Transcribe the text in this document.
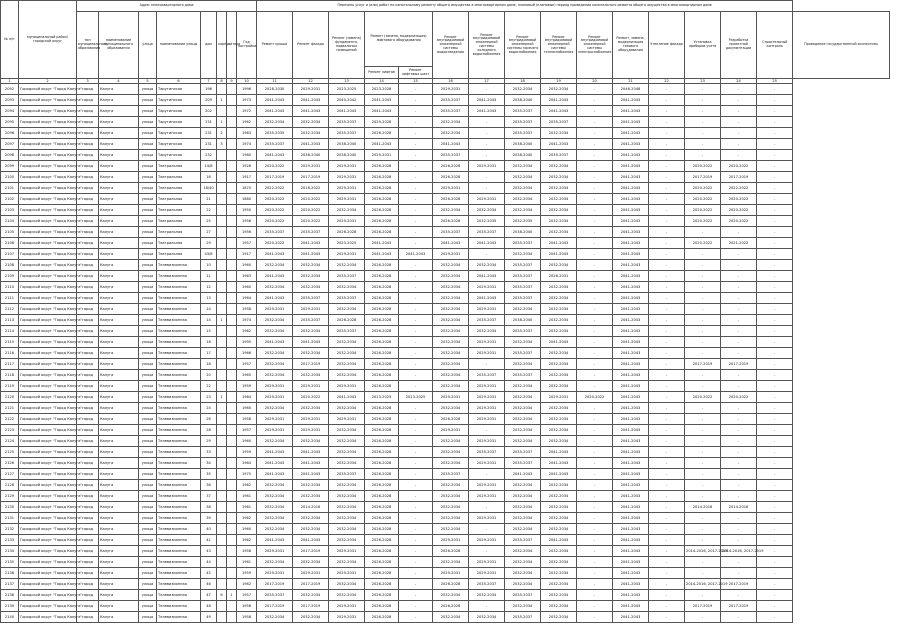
№ п/п	муниципальный район/городской округ	Адрес многоквартирного дома								Перечень услуг и (или) работ по капитальному ремонту общего имущества в многоквартирном доме, плановый (плановые) период проведения капитального ремонта общего имущества в многоквартирном доме															
		тип муниципального образования	наименование муниципального образования	улица	наименование улицы	дом	корпус	литера	Год постройки	Ремонт крыши	Ремонт фасада	Ремонт (замена) фундамента, подвальных помещений	Ремонт (замена, модернизация) лифтового оборудования		Ремонт внутридомовой инженерной системы водоотведения	Ремонт внутридомовой инженерной системы холодного водоснабжения	Ремонт внутридомовой инженерной системы горячего водоснабжения	Ремонт внутридомовой инженерной системы теплоснабжения	Ремонт внутридомовой инженерной системы электроснабжения	Ремонт, замена, модернизация газового оборудования	Утепление фасада	Установка приборов учета	Разработка проектной документации	Строительный контроль	Проведение государственной экспертизы
													Ремонт лифтов	Ремонт лифтовых шахт											
1	2	3	4	5	6	7	8	9	10	11	12	13	14	15	16	17	18	19	20	21	22	23	24	25	
2092	Городской округ "Город Калуга"	город	Калуга	улица	Тарутинская	196			1996	2028-2030	2029-2031	2023-2025	2023-2028	-	2029-2031	-	2032-2034	2032-2034	-	2046-2048	-	-	-	-	
2093	Городской округ "Город Калуга"	город	Калуга	улица	Тарутинская	209	1		1973	2041-2043	2041-2043	2040-2042	2041-2043	-	2035-2037	2041-2043	2038-2040	2041-2043	-	2041-2043	-	-	-	-	
2094	Городской округ "Город Калуга"	город	Калуга	улица	Тарутинская	202			1972	2041-2043	2041-2043	2041-2043	2041-2043	-	2035-2037	2041-2043	2035-2037	2041-2043	-	2041-2043	-	-	-	-	
2095	Городской округ "Город Калуга"	город	Калуга	улица	Тарутинская	231	1		1962	2032-2034	2032-2034	2035-2037	2029-2028	-	2032-2034	-	2035-2037	2035-2037	-	2041-2043	-	-	-	-	
2096	Городской округ "Город Калуга"	город	Калуга	улица	Тарутинская	231	2		1963	2035-2035	2032-2034	2035-2037	2026-2028	-	2032-2034	-	2035-2037	2032-2034	-	2041-2043	-	-	-	-	
2097	Городской округ "Город Калуга"	город	Калуга	улица	Тарутинская	231	3		1974	2035-2037	2041-2043	2038-2040	2041-2043	-	2041-2043	-	2038-2040	2041-2043	-	2041-2043	-	-	-	-	
2098	Городской округ "Город Калуга"	город	Калуга	улица	Тарутинская	232			1980	2041-2043	2038-2040	2038-2040	2029-2031	-	2035-2037	-	2038-2040	2035-2037	-	2041-2043	-	-	-	-	
2099	Городской округ "Город Калуга"	город	Калуга	улица	Театральная	14/8			1926	2020-2022	2029-2031	2029-2031	2026-2028	-	2026-2028	2029-2031	2032-2034	2032-2034	-	2041-2043	-	2020-2022	2020-2022	-	
2100	Городской округ "Город Калуга"	город	Калуга	улица	Театральная	16			1917	2017-2019	2017-2019	2029-2031	2026-2028	-	2026-2028	-	2032-2034	2032-2034	-	2041-2043	-	2017-2019	2017-2019	-	
2101	Городской округ "Город Калуга"	город	Калуга	улица	Театральная	18/40			1870	2022-2022	2018-2022	2029-2031	2026-2028	-	2029-2031	-	2032-2034	2032-2034	-	2041-2043	-	2020-2022	2022-2022	-	
2102	Городской округ "Город Калуга"	город	Калуга	улица	Театральная	21			1880	2020-2022	2020-2022	2029-2031	2026-2028	-	2026-2028	2029-2031	2032-2034	2032-2034	-	2041-2043	-	2020-2022	2020-2022	-	
2103	Городской округ "Город Калуга"	город	Калуга	улица	Театральная	22			1950	2020-2022	2020-2022	2032-2034	2026-2028	-	2032-2034	2032-2034	2032-2034	2032-2034	-	2041-2043	-	2020-2022	2020-2022	-	
2104	Городской округ "Город Калуга"	город	Калуга	улица	Театральная	25			1956	2020-2022	2020-2022	2029-2031	2026-2028	-	2026-2028	2032-2035	2032-2035	2032-2034	-	2041-2043	-	2020-2022	2020-2022	-	
2105	Городской округ "Город Калуга"	город	Калуга	улица	Театральная	27			1956	2035-2037	2035-2037	2026-2028	2026-2028	-	2035-2037	2035-2037	2038-2040	2032-2034	-	2041-2043	-	-	-	-	
2106	Городской округ "Город Калуга"	город	Калуга	улица	Театральная	29			1957	2020-2022	2041-2043	2023-2025	2041-2043	-	2041-2043	2041-2043	2035-2037	2041-2043	-	2041-2043	-	2020-2022	2021-2022	-	
2107	Городской округ "Город Калуга"	город	Калуга	улица	Театральная	43/8			1917	2041-2043	2041-2043	2029-2031	2041-2043	2041-2043	2029-2031	-	2032-2034	2041-2043	-	2041-2043	-	-	-	-	
2108	Городской округ "Город Калуга"	город	Калуга	улица	Телевизионная	10			1960	2032-2034	2032-2034	2032-2034	2026-2028	-	2032-2034	2032-2034	2035-2037	2032-2034	-	2041-2043	-	-	-	-	
2109	Городской округ "Город Калуга"	город	Калуга	улица	Телевизионная	11			1963	2041-2043	2032-2034	2035-2037	2026-2028	-	2032-2034	2041-2043	2035-2037	2026-2031	-	2041-2043	-	-	-	-	
2110	Городской округ "Город Калуга"	город	Калуга	улица	Телевизионная	12			1960	2032-2034	2032-2034	2032-2034	2026-2028	-	2032-2034	2029-2031	2035-2037	2032-2034	-	2041-2043	-	-	-	-	
2111	Городской округ "Город Калуга"	город	Калуга	улица	Телевизионная	13			1964	2041-2043	2035-2037	2035-2037	2026-2028	-	2032-2034	2041-2043	2035-2037	2032-2034	-	2041-2043	-	-	-	-	
2112	Городской округ "Город Калуга"	город	Калуга	улица	Телевизионная	14			1958	2029-2031	2029-2031	2032-2034	2026-2028	-	2032-2034	2029-2031	2032-2034	2032-2034	-	2041-2043	-	-	-	-	
2113	Городской округ "Город Калуга"	город	Калуга	улица	Телевизионная	14	1		1974	2032-2034	2035-2037	2026-2028	2026-2028	-	2032-2034	2035-2037	2038-2040	2032-2034	-	2041-2043	-	-	-	-	
2114	Городской округ "Город Калуга"	город	Калуга	улица	Телевизионная	15			1962	2032-2034	2032-2034	2035-2037	2026-2028	-	2032-2034	2032-2034	2035-2037	2032-2034	-	2041-2043	-	-	-	-	
2115	Городской округ "Город Калуга"	город	Калуга	улица	Телевизионная	16			1995	2041-2043	2041-2043	2032-2034	2026-2028	-	2032-2034	2029-2031	2032-2034	2041-2043	-	2041-2043	-	-	-	-	
2116	Городской округ "Город Калуга"	город	Калуга	улица	Телевизионная	17			1966	2032-2034	2032-2034	2032-2034	2026-2028	-	2032-2034	2029-2031	2035-2037	2032-2034	-	2041-2043	-	-	-	-	
2117	Городской округ "Город Калуга"	город	Калуга	улица	Телевизионная	18			1957	2032-2034	2017-2019	2032-2034	2026-2028	-	2032-2034	-	2032-2034	2032-2034	-	2041-2043	-	2017-2019	2017-2019	-	
2118	Городской округ "Город Калуга"	город	Калуга	улица	Телевизионная	20			1965	2032-2034	2032-2034	2032-2034	2026-2028	-	2032-2034	2035-2037	2035-2037	2032-2034	-	2041-2043	-	-	-	-	
2119	Городской округ "Город Калуга"	город	Калуга	улица	Телевизионная	22			1959	2029-2031	2029-2031	2029-2031	2026-2028	-	2032-2034	2029-2031	2032-2034	2032-2034	-	2041-2043	-	-	-	-	
2120	Городской округ "Город Калуга"	город	Калуга	улица	Телевизионная	23	1		1964	2029-2031	2020-2022	2041-2043	2023-2025	2023-2025	2029-2031	2029-2031	2032-2034	2029-2031	2020-2022	2041-2043	-	2020-2022	2020-2022	-	
2121	Городской округ "Город Калуга"	город	Калуга	улица	Телевизионная	24			1960	2032-2034	2032-2034	2032-2034	2026-2028	-	2032-2034	2029-2031	2032-2034	2032-2034	-	2041-2043	-	-	-	-	
2122	Городской округ "Город Калуга"	город	Калуга	улица	Телевизионная	26			1958	2029-2031	2029-2031	2029-2031	2026-2028	-	2026-2028	2029-2031	2032-2034	2032-2034	-	2041-2043	-	-	-	-	
2123	Городской округ "Город Калуга"	город	Калуга	улица	Телевизионная	28			1957	2029-2031	2029-2031	2032-2034	2026-2028	-	2029-2031	-	2032-2034	2032-2034	-	2041-2043	-	-	-	-	
2124	Городской округ "Город Калуга"	город	Калуга	улица	Телевизионная	29			1960	2032-2034	2032-2034	2032-2034	2026-2028	-	2032-2034	2029-2031	2032-2034	2032-2034	-	2041-2043	-	-	-	-	
2125	Городской округ "Город Калуга"	город	Калуга	улица	Телевизионная	33			1959	2041-2043	2041-2043	2032-2034	2026-2028	-	2032-2034	2035-2037	2035-2037	2041-2043	-	2041-2043	-	-	-	-	
2126	Городской округ "Город Калуга"	город	Калуга	улица	Телевизионная	34			1964	2041-2043	2041-2043	2032-2034	2026-2028	-	2032-2034	2029-2031	2035-2037	2041-2043	-	2041-2043	-	-	-	-	
2127	Городской округ "Город Калуга"	город	Калуга	улица	Телевизионная	35			1975	2041-2043	2041-2043	2035-2037	2026-2028	-	2035-2037	-	2041-2043	2041-2043	-	2041-2043	-	-	-	-	
2128	Городской округ "Город Калуга"	город	Калуга	улица	Телевизионная	36			1962	2032-2034	2032-2034	2032-2034	2026-2028	-	2032-2034	2029-2031	2032-2034	2032-2034	-	2041-2043	-	-	-	-	
2129	Городской округ "Город Калуга"	город	Калуга	улица	Телевизионная	37			1961	2032-2034	2032-2034	2032-2034	2026-2028	-	2032-2034	2029-2031	2032-2034	2032-2034	-	2041-2043	-	-	-	-	
2130	Городской округ "Город Калуга"	город	Калуга	улица	Телевизионная	38			1961	2032-2034	2014-2016	2032-2034	2026-2028	-	2032-2034	-	2032-2034	2032-2034	-	2041-2043	-	2014-2016	2014-2016	-	
2131	Городской округ "Город Калуга"	город	Калуга	улица	Телевизионная	39			1962	2032-2034	2032-2034	2032-2034	2026-2028	-	2032-2034	2029-2031	2032-2034	2032-2034	-	2041-2043	-	-	-	-	
2132	Городской округ "Город Калуга"	город	Калуга	улица	Телевизионная	40			1960	2032-2034	2032-2034	2032-2034	2026-2028	-	2032-2034	-	2032-2034	2032-2034	-	2041-2043	-	-	-	-	
2133	Городской округ "Город Калуга"	город	Калуга	улица	Телевизионная	41			1962	2041-2043	2041-2043	2032-2034	2026-2028	-	2029-2031	2029-2031	2035-2037	2041-2043	-	2041-2043	-	-	-	-	
2134	Городской округ "Город Калуга"	город	Калуга	улица	Телевизионная	43			1958	2029-2031	2017-2019	2029-2031	2026-2028	-	2026-2028	-	2032-2034	2032-2034	-	2041-2043	-	2014-2016, 2017-2019	2014-2016, 2017-2019	-	
2135	Городской округ "Город Калуга"	город	Калуга	улица	Телевизионная	44			1961	2032-2034	2032-2034	2032-2034	2026-2028	-	2032-2034	2029-2031	2032-2034	2032-2034	-	2041-2043	-	-	-	-	
2136	Городской округ "Город Калуга"	город	Калуга	улица	Телевизионная	45			1959	2029-2031	2029-2031	2029-2031	2026-2028	-	2029-2031	2029-2031	2032-2034	2032-2034	-	2041-2043	-	-	-	-	
2137	Городской округ "Город Калуга"	город	Калуга	улица	Телевизионная	46			1962	2017-2019	2017-2019	2032-2034	2026-2028	-	2026-2028	2035-2037	2032-2034	2032-2034	-	2041-2043	-	2014-2016, 2017-2019	2017-2019	-	
2138	Городской округ "Город Калуга"	город	Калуга	улица	Телевизионная	47	6	1	1957	2035-2037	2032-2034	2032-2034	2026-2028	-	2032-2034	2032-2034	2035-2037	2032-2034	-	2041-2043	-	-	-	-	
2139	Городской округ "Город Калуга"	город	Калуга	улица	Телевизионная	48			1958	2017-2019	2017-2019	2029-2031	2026-2028	-	2026-2028	-	2032-2034	2032-2034	-	2041-2043	-	2017-2019	2017-2019	-	
2140	Городской округ "Город Калуга"	город	Калуга	улица	Телевизионная	49			1958	2032-2034	2032-2034	2029-2031	2026-2028	-	2032-2034	2032-2034	2035-2037	2032-2034	-	2041-2043	-	-	-	-	
